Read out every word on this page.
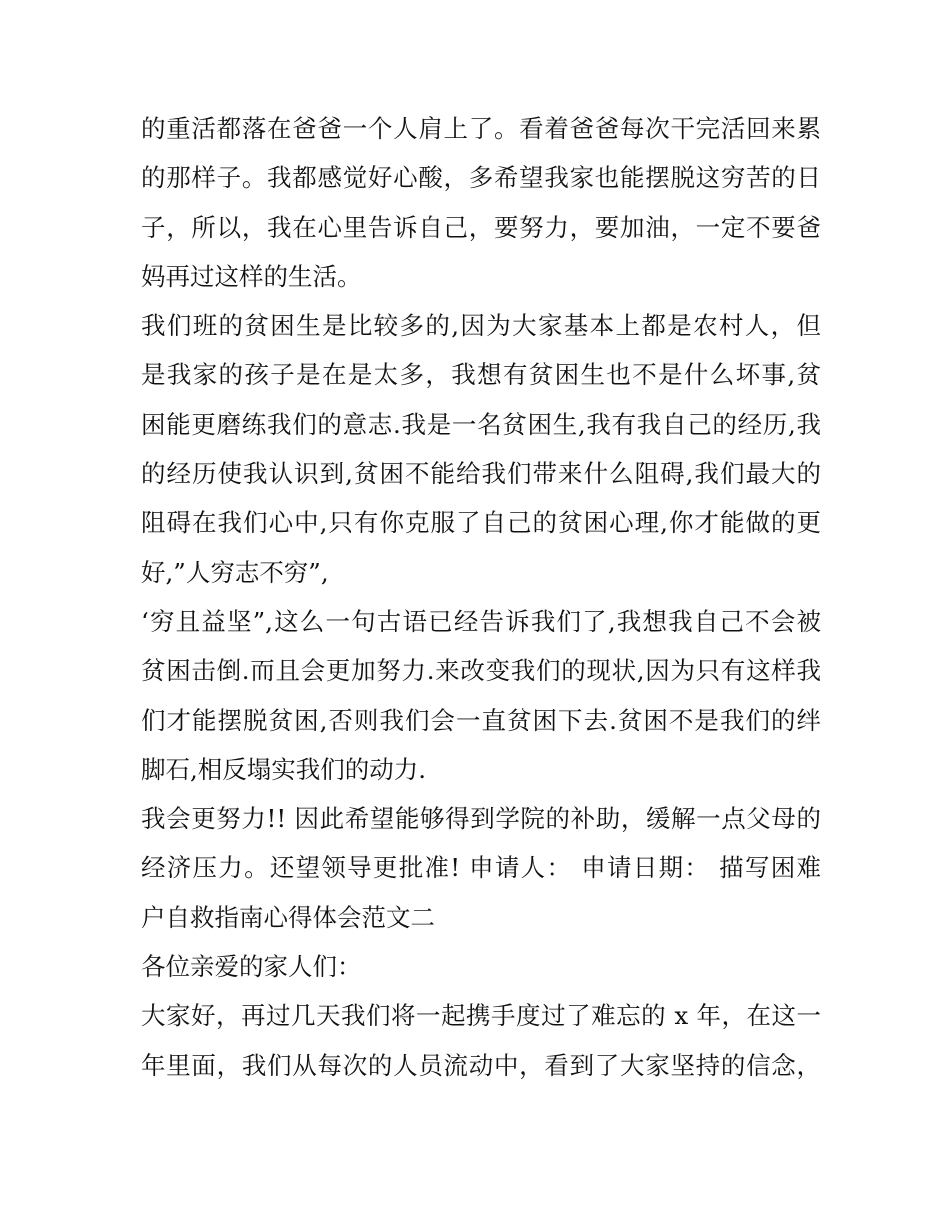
的重活都落在爸爸一个人肩上了。看着爸爸每次干完活回来累
的那样子。我都感觉好心酸，多希望我家也能摆脱这穷苦的日
子，所以，我在心里告诉自己，要努力，要加油，一定不要爸
妈再过这样的生活。
我们班的贫困生是比较多的,因为大家基本上都是农村人，但
是我家的孩子是在是太多，我想有贫困生也不是什么坏事,贫
困能更磨练我们的意志.我是一名贫困生,我有我自己的经历,我
的经历使我认识到,贫困不能给我们带来什么阻碍,我们最大的
阻碍在我们心中,只有你克服了自己的贫困心理,你才能做的更
好,”人穷志不穷”,
‘穷且益坚”,这么一句古语已经告诉我们了,我想我自己不会被
贫困击倒.而且会更加努力.来改变我们的现状,因为只有这样我
们才能摆脱贫困,否则我们会一直贫困下去.贫困不是我们的绊
脚石,相反塌实我们的动力.
我会更努力!! 因此希望能够得到学院的补助，缓解一点父母的
经济压力。还望领导更批准! 申请人： 申请日期： 描写困难
户自救指南心得体会范文二
各位亲爱的家人们：
大家好，再过几天我们将一起携手度过了难忘的 x 年，在这一
年里面，我们从每次的人员流动中，看到了大家坚持的信念，
